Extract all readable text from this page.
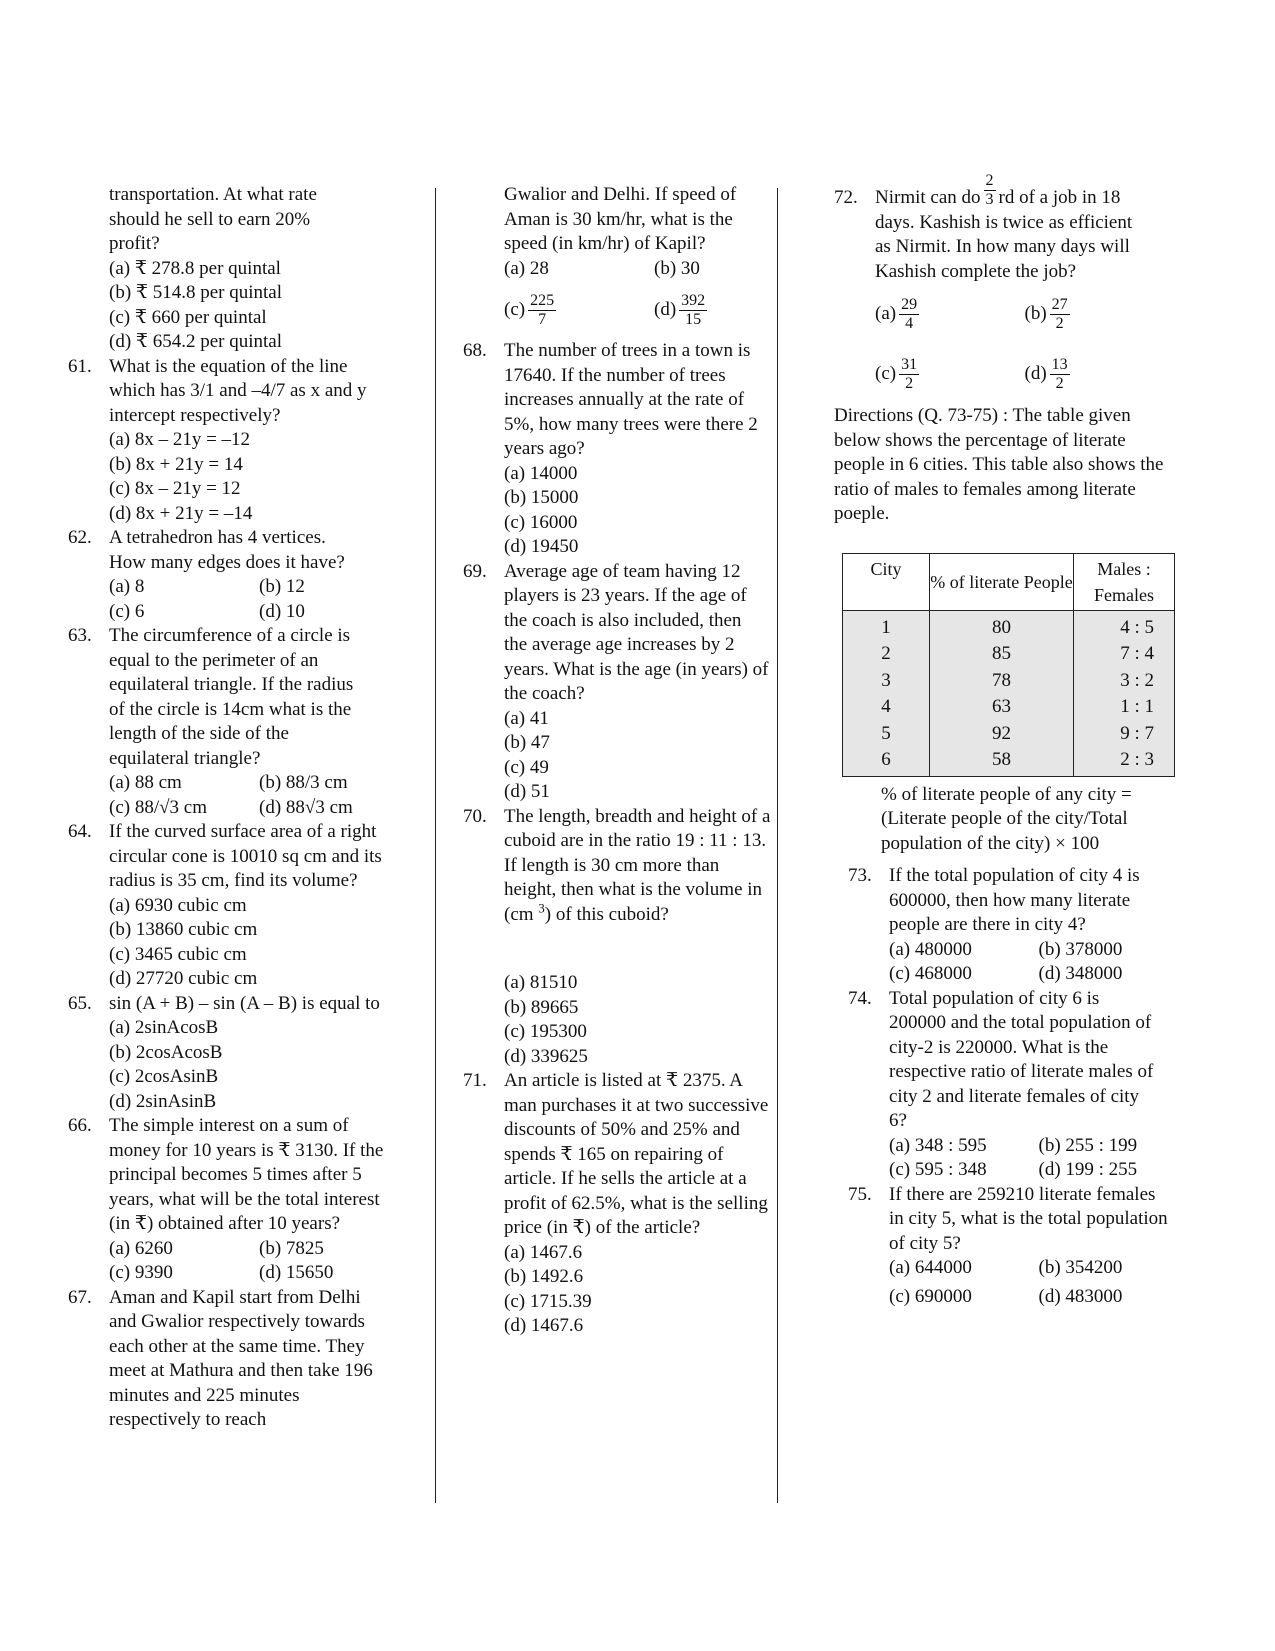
transportation. At what rate should he sell to earn 20% profit?
(a) ₹ 278.8 per quintal
(b) ₹ 514.8 per quintal
(c) ₹ 660 per quintal
(d) ₹ 654.2 per quintal
61. What is the equation of the line which has 3/1 and –4/7 as x and y intercept respectively?
(a) 8x – 21y = –12
(b) 8x + 21y = 14
(c) 8x – 21y = 12
(d) 8x + 21y = –14
62. A tetrahedron has 4 vertices. How many edges does it have?
(a) 8	(b) 12
(c) 6	(d) 10
63. The circumference of a circle is equal to the perimeter of an equilateral triangle. If the radius of the circle is 14cm what is the length of the side of the equilateral triangle?
(a) 88 cm	(b) 88/3 cm
(c) 88/√3 cm	(d) 88√3 cm
64. If the curved surface area of a right circular cone is 10010 sq cm and its radius is 35 cm, find its volume?
(a) 6930 cubic cm
(b) 13860 cubic cm
(c) 3465 cubic cm
(d) 27720 cubic cm
65. sin (A + B) – sin (A – B) is equal to
(a) 2sinAcosB
(b) 2cosAcosB
(c) 2cosAsinB
(d) 2sinAsinB
66. The simple interest on a sum of money for 10 years is ₹ 3130. If the principal becomes 5 times after 5 years, what will be the total interest (in ₹) obtained after 10 years?
(a) 6260	(b) 7825
(c) 9390	(d) 15650
67. Aman and Kapil start from Delhi and Gwalior respectively towards each other at the same time. They meet at Mathura and then take 196 minutes and 225 minutes respectively to reach
Gwalior and Delhi. If speed of Aman is 30 km/hr, what is the speed (in km/hr) of Kapil?
(a) 28	(b) 30
$(c) \frac{225}{7}$	$(d) \frac{392}{15}$
68. The number of trees in a town is 17640. If the number of trees increases annually at the rate of 5%, how many trees were there 2 years ago?
(a) 14000
(b) 15000
(c) 16000
(d) 19450
69. Average age of team having 12 players is 23 years. If the age of the coach is also included, then the average age increases by 2 years. What is the age (in years) of the coach?
(a) 41
(b) 47
(c) 49
(d) 51
70. The length, breadth and height of a cuboid are in the ratio 19 : 11 : 13. If length is 30 cm more than height, then what is the volume in (cm $^3$) of this cuboid?
(a) 81510
(b) 89665
(c) 195300
(d) 339625
71. An article is listed at ₹ 2375. A man purchases it at two successive discounts of 50% and 25% and spends ₹ 165 on repairing of article. If he sells the article at a profit of 62.5%, what is the selling price (in ₹) of the article?
(a) 1467.6
(b) 1492.6
(c) 1715.39
(d) 1467.6
72. Nirmit can do $\frac{2}{3}$ rd of a job in 18 days. Kashish is twice as efficient as Nirmit. In how many days will Kashish complete the job?
$(a) \frac{29}{4}$	$(b) \frac{27}{2}$
$(c) \frac{31}{2}$	$(d) \frac{13}{2}$
Directions (Q. 73-75) : The table given below shows the percentage of literate people in 6 cities. This table also shows the ratio of males to females among literate poeple.
City	% of literate People	Males : Females
1	80	4 : 5
2	85	7 : 4
3	78	3 : 2
4	63	1 : 1
5	92	9 : 7
6	58	2 : 3
% of literate people of any city = (Literate people of the city/Total population of the city) × 100
73. If the total population of city 4 is 600000, then how many literate people are there in city 4?
(a) 480000	(b) 378000
(c) 468000	(d) 348000
74. Total population of city 6 is 200000 and the total population of city-2 is 220000. What is the respective ratio of literate males of city 2 and literate females of city 6?
(a) 348 : 595	(b) 255 : 199
(c) 595 : 348	(d) 199 : 255
75. If there are 259210 literate females in city 5, what is the total population of city 5?
(a) 644000	(b) 354200
(c) 690000	(d) 483000
